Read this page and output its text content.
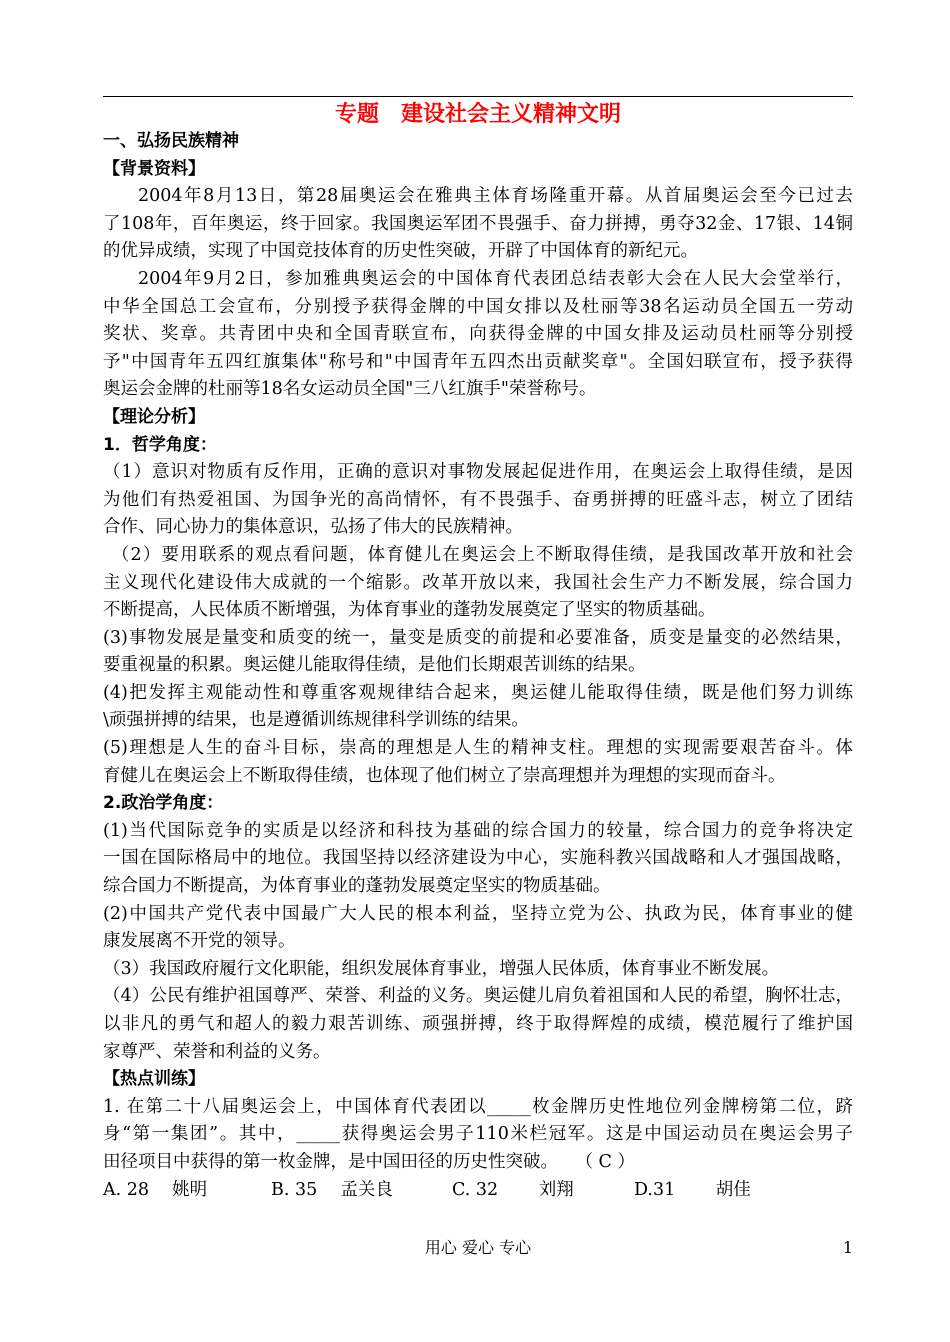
专题　建设社会主义精神文明
一、弘扬民族精神
【背景资料】
2004年8月13日，第28届奥运会在雅典主体育场隆重开幕。从首届奥运会至今已过去
了108年，百年奥运，终于回家。我国奥运军团不畏强手、奋力拼搏，勇夺32金、17银、14铜
的优异成绩，实现了中国竞技体育的历史性突破，开辟了中国体育的新纪元。
2004年9月2日，参加雅典奥运会的中国体育代表团总结表彰大会在人民大会堂举行，
中华全国总工会宣布，分别授予获得金牌的中国女排以及杜丽等38名运动员全国五一劳动
奖状、奖章。共青团中央和全国青联宣布，向获得金牌的中国女排及运动员杜丽等分别授
予"中国青年五四红旗集体"称号和"中国青年五四杰出贡献奖章"。全国妇联宣布，授予获得
奥运会金牌的杜丽等18名女运动员全国"三八红旗手"荣誉称号。
【理论分析】
1．哲学角度：
（1）意识对物质有反作用，正确的意识对事物发展起促进作用，在奥运会上取得佳绩，是因
为他们有热爱祖国、为国争光的高尚情怀，有不畏强手、奋勇拼搏的旺盛斗志，树立了团结
合作、同心协力的集体意识，弘扬了伟大的民族精神。
（2）要用联系的观点看问题，体育健儿在奥运会上不断取得佳绩，是我国改革开放和社会
主义现代化建设伟大成就的一个缩影。改革开放以来，我国社会生产力不断发展，综合国力
不断提高，人民体质不断增强，为体育事业的蓬勃发展奠定了坚实的物质基础。
(3)事物发展是量变和质变的统一，量变是质变的前提和必要准备，质变是量变的必然结果，
要重视量的积累。奥运健儿能取得佳绩，是他们长期艰苦训练的结果。
(4)把发挥主观能动性和尊重客观规律结合起来，奥运健儿能取得佳绩，既是他们努力训练
\顽强拼搏的结果，也是遵循训练规律科学训练的结果。
(5)理想是人生的奋斗目标，崇高的理想是人生的精神支柱。理想的实现需要艰苦奋斗。体
育健儿在奥运会上不断取得佳绩，也体现了他们树立了崇高理想并为理想的实现而奋斗。
2.政治学角度：
(1)当代国际竞争的实质是以经济和科技为基础的综合国力的较量，综合国力的竞争将决定
一国在国际格局中的地位。我国坚持以经济建设为中心，实施科教兴国战略和人才强国战略，
综合国力不断提高，为体育事业的蓬勃发展奠定坚实的物质基础。
(2)中国共产党代表中国最广大人民的根本利益，坚持立党为公、执政为民，体育事业的健
康发展离不开党的领导。
（3）我国政府履行文化职能，组织发展体育事业，增强人民体质，体育事业不断发展。
（4）公民有维护祖国尊严、荣誉、利益的义务。奥运健儿肩负着祖国和人民的希望，胸怀壮志，
以非凡的勇气和超人的毅力艰苦训练、顽强拼搏，终于取得辉煌的成绩，模范履行了维护国
家尊严、荣誉和利益的义务。
【热点训练】
1. 在第二十八届奥运会上，中国体育代表团以_____枚金牌历史性地位列金牌榜第二位，跻
身“第一集团”。其中，_____获得奥运会男子110米栏冠军。这是中国运动员在奥运会男子
田径项目中获得的第一枚金牌，是中国田径的历史性突破。　　（ C ）
A. 28　 姚明	B. 35　 孟关良	C. 32　　 刘翔	D.31　　 胡佳
用心 爱心 专心	1
